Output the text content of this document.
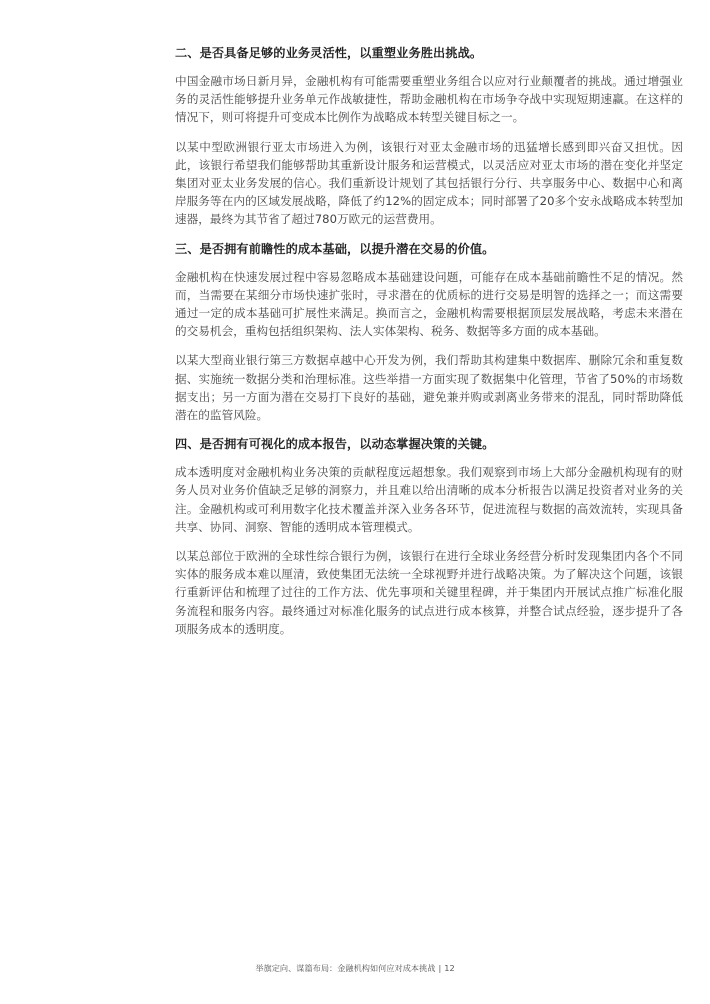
二、是否具备足够的业务灵活性，以重塑业务胜出挑战。

中国金融市场日新月异，金融机构有可能需要重塑业务组合以应对行业颠覆者的挑战。通过增强业务的灵活性能够提升业务单元作战敏捷性，帮助金融机构在市场争夺战中实现短期速赢。在这样的情况下，则可将提升可变成本比例作为战略成本转型关键目标之一。

以某中型欧洲银行亚太市场进入为例，该银行对亚太金融市场的迅猛增长感到即兴奋又担忧。因此，该银行希望我们能够帮助其重新设计服务和运营模式，以灵活应对亚太市场的潜在变化并坚定集团对亚太业务发展的信心。我们重新设计规划了其包括银行分行、共享服务中心、数据中心和离岸服务等在内的区域发展战略，降低了约12%的固定成本；同时部署了20多个安永战略成本转型加速器，最终为其节省了超过780万欧元的运营费用。

三、是否拥有前瞻性的成本基础，以提升潜在交易的价值。

金融机构在快速发展过程中容易忽略成本基础建设问题，可能存在成本基础前瞻性不足的情况。然而，当需要在某细分市场快速扩张时，寻求潜在的优质标的进行交易是明智的选择之一；而这需要通过一定的成本基础可扩展性来满足。换而言之，金融机构需要根据顶层发展战略，考虑未来潜在的交易机会，重构包括组织架构、法人实体架构、税务、数据等多方面的成本基础。

以某大型商业银行第三方数据卓越中心开发为例，我们帮助其构建集中数据库、删除冗余和重复数据、实施统一数据分类和治理标准。这些举措一方面实现了数据集中化管理，节省了50%的市场数据支出；另一方面为潜在交易打下良好的基础，避免兼并购或剥离业务带来的混乱，同时帮助降低潜在的监管风险。

四、是否拥有可视化的成本报告，以动态掌握决策的关键。

成本透明度对金融机构业务决策的贡献程度远超想象。我们观察到市场上大部分金融机构现有的财务人员对业务价值缺乏足够的洞察力，并且难以给出清晰的成本分析报告以满足投资者对业务的关注。金融机构或可利用数字化技术覆盖并深入业务各环节，促进流程与数据的高效流转，实现具备共享、协同、洞察、智能的透明成本管理模式。

以某总部位于欧洲的全球性综合银行为例，该银行在进行全球业务经营分析时发现集团内各个不同实体的服务成本难以厘清，致使集团无法统一全球视野并进行战略决策。为了解决这个问题，该银行重新评估和梳理了过往的工作方法、优先事项和关键里程碑，并于集团内开展试点推广标准化服务流程和服务内容。最终通过对标准化服务的试点进行成本核算，并整合试点经验，逐步提升了各项服务成本的透明度。

举旗定向、谋篇布局：金融机构如何应对成本挑战 | 12
